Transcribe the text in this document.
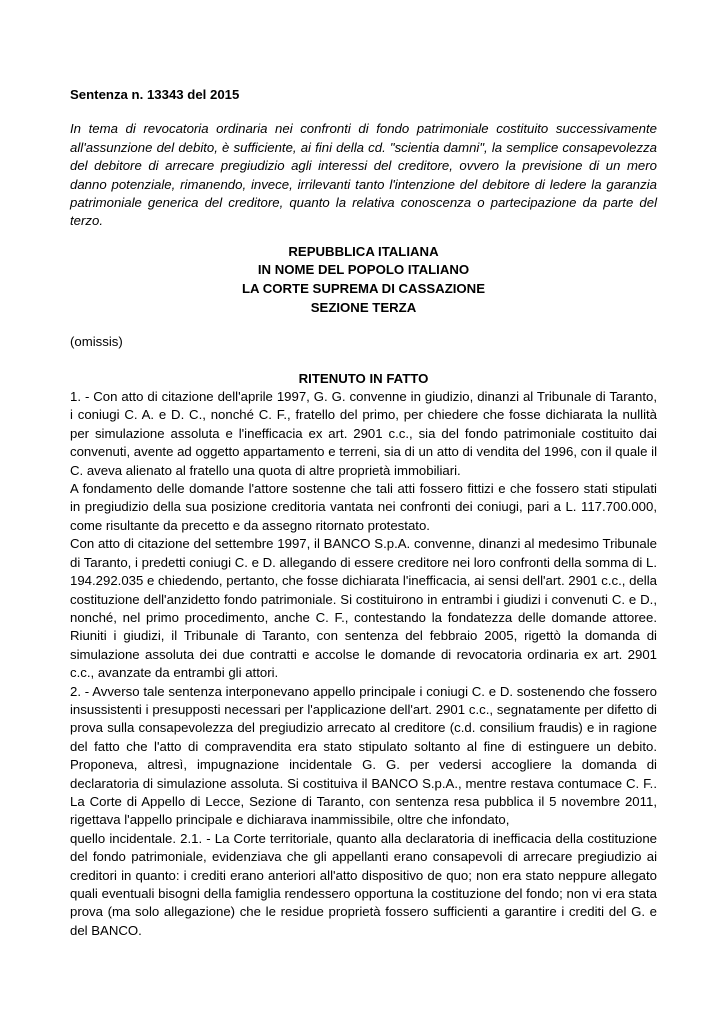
Sentenza n. 13343 del 2015

In tema di revocatoria ordinaria nei confronti di fondo patrimoniale costituito successivamente all'assunzione del debito, è sufficiente, ai fini della cd. "scientia damni", la semplice consapevolezza del debitore di arrecare pregiudizio agli interessi del creditore, ovvero la previsione di un mero danno potenziale, rimanendo, invece, irrilevanti tanto l'intenzione del debitore di ledere la garanzia patrimoniale generica del creditore, quanto la relativa conoscenza o partecipazione da parte del terzo.

REPUBBLICA ITALIANA
IN NOME DEL POPOLO ITALIANO
LA CORTE SUPREMA DI CASSAZIONE
SEZIONE TERZA

(omissis)

RITENUTO IN FATTO

1. - Con atto di citazione dell'aprile 1997, G. G. convenne in giudizio, dinanzi al Tribunale di Taranto, i coniugi C. A. e D. C., nonché C. F., fratello del primo, per chiedere che fosse dichiarata la nullità per simulazione assoluta e l'inefficacia ex art. 2901 c.c., sia del fondo patrimoniale costituito dai convenuti, avente ad oggetto appartamento e terreni, sia di un atto di vendita del 1996, con il quale il C. aveva alienato al fratello una quota di altre proprietà immobiliari.

A fondamento delle domande l'attore sostenne che tali atti fossero fittizi e che fossero stati stipulati in pregiudizio della sua posizione creditoria vantata nei confronti dei coniugi, pari a L. 117.700.000, come risultante da precetto e da assegno ritornato protestato.

Con atto di citazione del settembre 1997, il BANCO S.p.A. convenne, dinanzi al medesimo Tribunale di Taranto, i predetti coniugi C. e D. allegando di essere creditore nei loro confronti della somma di L. 194.292.035 e chiedendo, pertanto, che fosse dichiarata l'inefficacia, ai sensi dell'art. 2901 c.c., della costituzione dell'anzidetto fondo patrimoniale. Si costituirono in entrambi i giudizi i convenuti C. e D., nonché, nel primo procedimento, anche C. F., contestando la fondatezza delle domande attoree. Riuniti i giudizi, il Tribunale di Taranto, con sentenza del febbraio 2005, rigettò la domanda di simulazione assoluta dei due contratti e accolse le domande di revocatoria ordinaria ex art. 2901 c.c., avanzate da entrambi gli attori.

2. - Avverso tale sentenza interponevano appello principale i coniugi C. e D. sostenendo che fossero insussistenti i presupposti necessari per l'applicazione dell'art. 2901 c.c., segnatamente per difetto di prova sulla consapevolezza del pregiudizio arrecato al creditore (c.d. consilium fraudis) e in ragione del fatto che l'atto di compravendita era stato stipulato soltanto al fine di estinguere un debito. Proponeva, altresì, impugnazione incidentale G. G. per vedersi accogliere la domanda di declaratoria di simulazione assoluta. Si costituiva il BANCO S.p.A., mentre restava contumace C. F.. La Corte di Appello di Lecce, Sezione di Taranto, con sentenza resa pubblica il 5 novembre 2011, rigettava l'appello principale e dichiarava inammissibile, oltre che infondato,

quello incidentale. 2.1. - La Corte territoriale, quanto alla declaratoria di inefficacia della costituzione del fondo patrimoniale, evidenziava che gli appellanti erano consapevoli di arrecare pregiudizio ai creditori in quanto: i crediti erano anteriori all'atto dispositivo de quo; non era stato neppure allegato quali eventuali bisogni della famiglia rendessero opportuna la costituzione del fondo; non vi era stata prova (ma solo allegazione) che le residue proprietà fossero sufficienti a garantire i crediti del G. e del BANCO.
